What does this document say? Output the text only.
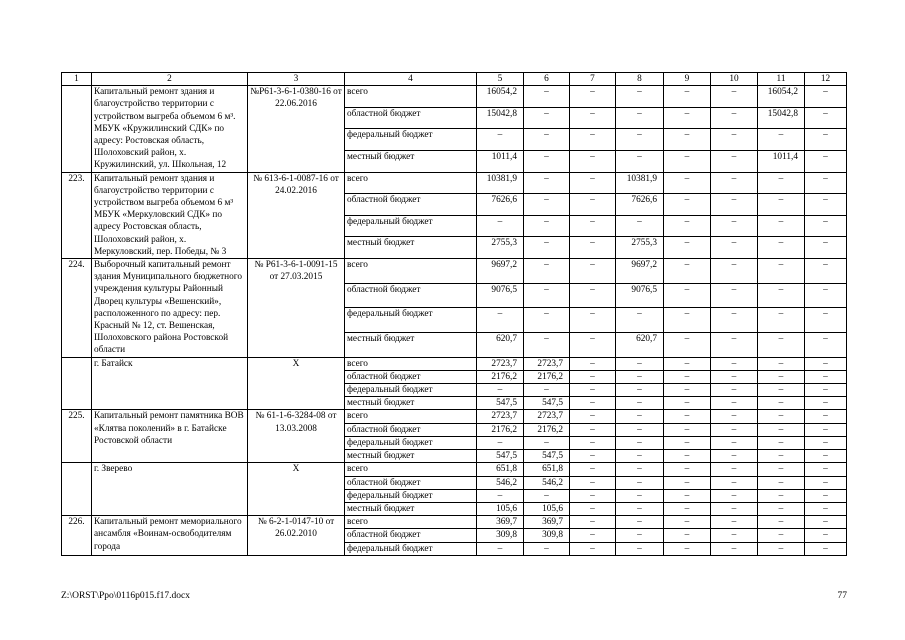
1	2	3	4	5	6	7	8	9	10	11	12
	Капитальный ремонт здания и благоустройство территории с устройством выгреба объемом 6 м³. МБУК «Кружилинский СДК» по адресу: Ростовская область, Шолоховский район, х. Кружилинский, ул. Школьная, 12	№Р61-3-6-1-0380-16 от 22.06.2016	всего	16054,2	–	–	–	–	–	16054,2	–
			областной бюджет	15042,8	–	–	–	–	–	15042,8	–
			федеральный бюджет	–	–	–	–	–	–	–	–
			местный бюджет	1011,4	–	–	–	–	–	1011,4	–
223.	Капитальный ремонт здания и благоустройство территории с устройством выгреба объемом 6 м³ МБУК «Меркуловский СДК» по адресу Ростовская область, Шолоховский район, х. Меркуловский, пер. Победы, № 3	№ 613-6-1-0087-16 от 24.02.2016	всего	10381,9	–	–	10381,9	–	–	–	–
			областной бюджет	7626,6	–	–	7626,6	–	–	–	–
			федеральный бюджет	–	–	–	–	–	–	–	–
			местный бюджет	2755,3	–	–	2755,3	–	–	–	–
224.	Выборочный капитальный ремонт здания Муниципального бюджетного учреждения культуры Районный Дворец культуры «Вешенский», расположенного по адресу: пер. Красный № 12, ст. Вешенская, Шолоховского района Ростовской области	№ Р61-3-6-1-0091-15 от 27.03.2015	всего	9697,2	–	–	9697,2	–	–	–	–
			областной бюджет	9076,5	–	–	9076,5	–	–	–	–
			федеральный бюджет	–	–	–	–	–	–	–	–
			местный бюджет	620,7	–	–	620,7	–	–	–	–
	г. Батайск	X	всего	2723,7	2723,7	–	–	–	–	–	–
			областной бюджет	2176,2	2176,2	–	–	–	–	–	–
			федеральный бюджет	–	–	–	–	–	–	–	–
			местный бюджет	547,5	547,5	–	–	–	–	–	–
225.	Капитальный ремонт памятника ВОВ «Клятва поколений» в г. Батайске Ростовской области	№ 61-1-6-3284-08 от 13.03.2008	всего	2723,7	2723,7	–	–	–	–	–	–
			областной бюджет	2176,2	2176,2	–	–	–	–	–	–
			федеральный бюджет	–	–	–	–	–	–	–	–
			местный бюджет	547,5	547,5	–	–	–	–	–	–
	г. Зверево	X	всего	651,8	651,8	–	–	–	–	–	–
			областной бюджет	546,2	546,2	–	–	–	–	–	–
			федеральный бюджет	–	–	–	–	–	–	–	–
			местный бюджет	105,6	105,6	–	–	–	–	–	–
226.	Капитальный ремонт мемориального ансамбля «Воинам-освободителям города	№ 6-2-1-0147-10 от 26.02.2010	всего	369,7	369,7	–	–	–	–	–	–
			областной бюджет	309,8	309,8	–	–	–	–	–	–
			федеральный бюджет	–	–	–	–	–	–	–	–
Z:\ORST\Ppo\0116p015.f17.docx	77
